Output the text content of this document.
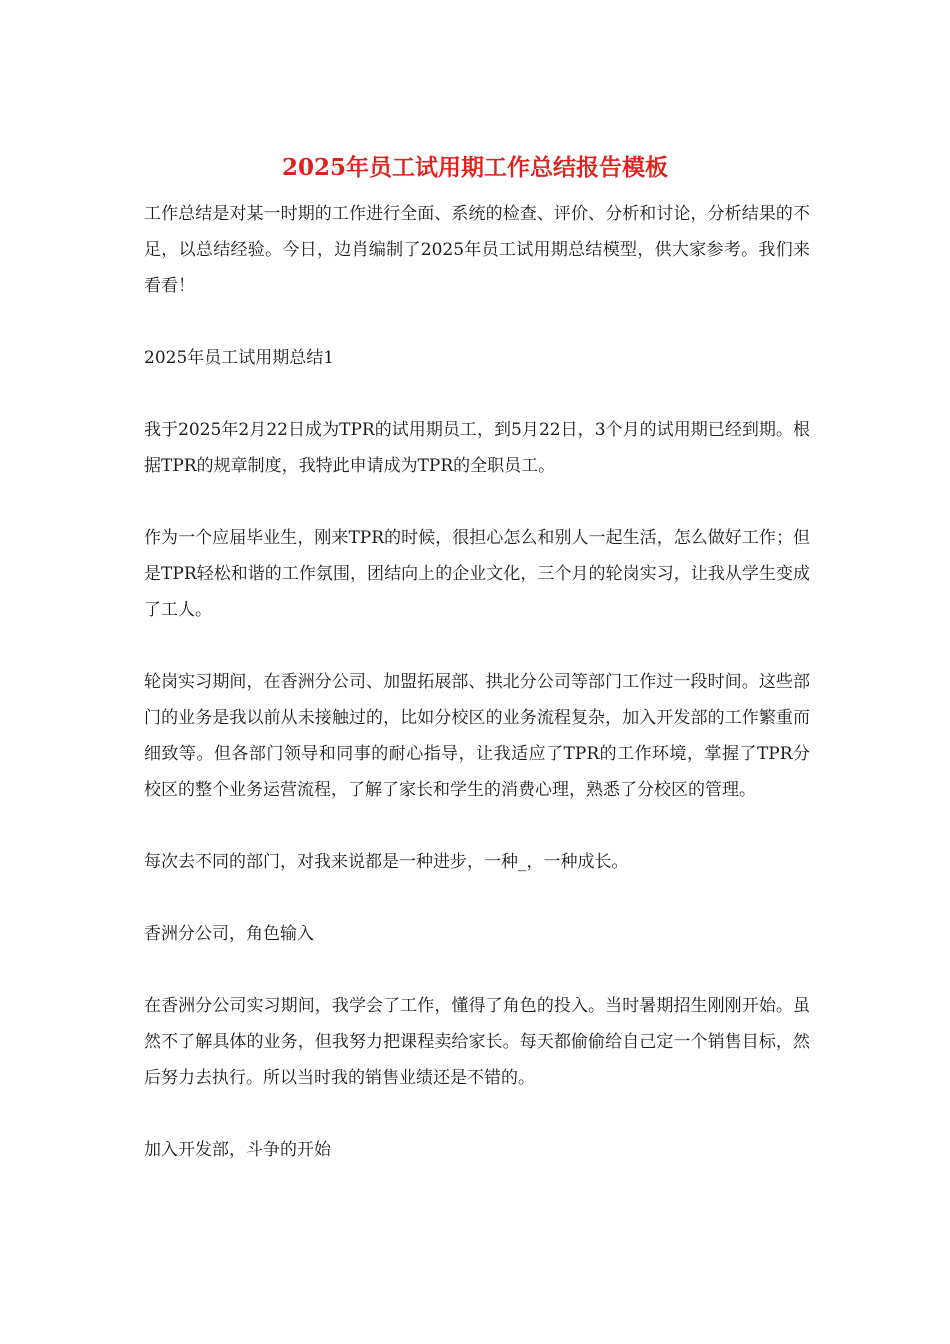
2025年员工试用期工作总结报告模板

工作总结是对某一时期的工作进行全面、系统的检查、评价、分析和讨论，分析结果的不足，以总结经验。今日，边肖编制了2025年员工试用期总结模型，供大家参考。我们来看看！

2025年员工试用期总结1

我于2025年2月22日成为TPR的试用期员工，到5月22日，3个月的试用期已经到期。根据TPR的规章制度，我特此申请成为TPR的全职员工。

作为一个应届毕业生，刚来TPR的时候，很担心怎么和别人一起生活，怎么做好工作；但是TPR轻松和谐的工作氛围，团结向上的企业文化，三个月的轮岗实习，让我从学生变成了工人。

轮岗实习期间，在香洲分公司、加盟拓展部、拱北分公司等部门工作过一段时间。这些部门的业务是我以前从未接触过的，比如分校区的业务流程复杂，加入开发部的工作繁重而细致等。但各部门领导和同事的耐心指导，让我适应了TPR的工作环境，掌握了TPR分校区的整个业务运营流程，了解了家长和学生的消费心理，熟悉了分校区的管理。

每次去不同的部门，对我来说都是一种进步，一种_，一种成长。

香洲分公司，角色输入

在香洲分公司实习期间，我学会了工作，懂得了角色的投入。当时暑期招生刚刚开始。虽然不了解具体的业务，但我努力把课程卖给家长。每天都偷偷给自己定一个销售目标，然后努力去执行。所以当时我的销售业绩还是不错的。

加入开发部，斗争的开始
